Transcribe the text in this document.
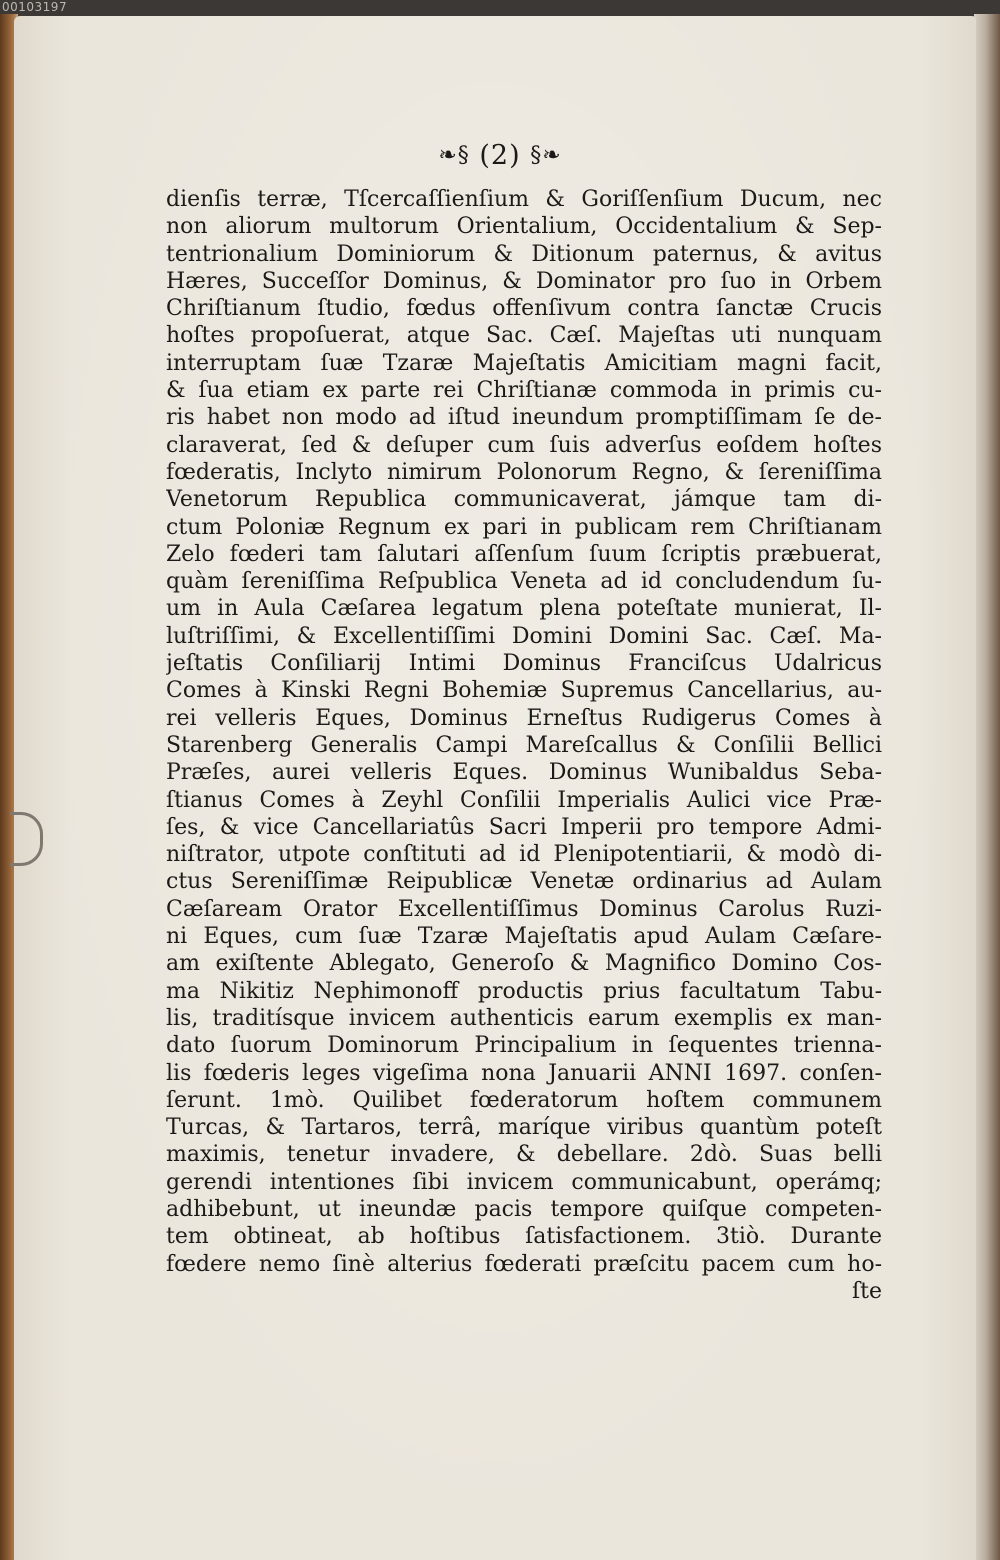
00103197
❧§ (2) §❧
dienſis terræ, Tſcercaſſienſium & Goriſſenſium Ducum, nec
non aliorum multorum Orientalium, Occidentalium & Sep-
tentrionalium Dominiorum & Ditionum paternus, & avitus
Hæres, Succeſſor Dominus, & Dominator pro ſuo in Orbem
Chriſtianum ſtudio, fœdus offenſivum contra ſanctæ Crucis
hoſtes propoſuerat, atque Sac. Cæſ. Majeſtas uti nunquam
interruptam ſuæ Tzaræ Majeſtatis Amicitiam magni facit,
& ſua etiam ex parte rei Chriſtianæ commoda in primis cu-
ris habet non modo ad iſtud ineundum promptiſſimam ſe de-
claraverat, ſed & deſuper cum ſuis adverſus eoſdem hoſtes
fœderatis, Inclyto nimirum Polonorum Regno, & ſereniſſima
Venetorum Republica communicaverat, jámque tam di-
ctum Poloniæ Regnum ex pari in publicam rem Chriſtianam
Zelo fœderi tam ſalutari aſſenſum ſuum ſcriptis præbuerat,
quàm ſereniſſima Reſpublica Veneta ad id concludendum ſu-
um in Aula Cæſarea legatum plena poteſtate munierat, Il-
luſtriſſimi, & Excellentiſſimi Domini Domini Sac. Cæſ. Ma-
jeſtatis Conſiliarij Intimi Dominus Franciſcus Udalricus
Comes à Kinski Regni Bohemiæ Supremus Cancellarius, au-
rei velleris Eques, Dominus Erneſtus Rudigerus Comes à
Starenberg Generalis Campi Mareſcallus & Conſilii Bellici
Præſes, aurei velleris Eques. Dominus Wunibaldus Seba-
ſtianus Comes à Zeyhl Conſilii Imperialis Aulici vice Præ-
ſes, & vice Cancellariatûs Sacri Imperii pro tempore Admi-
niſtrator, utpote conſtituti ad id Plenipotentiarii, & modò di-
ctus Sereniſſimæ Reipublicæ Venetæ ordinarius ad Aulam
Cæſaream Orator Excellentiſſimus Dominus Carolus Ruzi-
ni Eques, cum ſuæ Tzaræ Majeſtatis apud Aulam Cæſare-
am exiſtente Ablegato, Generoſo & Magnifico Domino Cos-
ma Nikitiz Nephimonoff productis prius facultatum Tabu-
lis, traditísque invicem authenticis earum exemplis ex man-
dato ſuorum Dominorum Principalium in ſequentes trienna-
lis fœderis leges vigeſima nona Januarii ANNI 1697. conſen-
ſerunt. 1mò. Quilibet fœderatorum hoſtem communem
Turcas, & Tartaros, terrâ, maríque viribus quantùm poteſt
maximis, tenetur invadere, & debellare. 2dò. Suas belli
gerendi intentiones ſibi invicem communicabunt, operámq;
adhibebunt, ut ineundæ pacis tempore quiſque competen-
tem obtineat, ab hoſtibus ſatisfactionem. 3tiò. Durante
fœdere nemo ſinè alterius fœderati præſcitu pacem cum ho-
ſte
